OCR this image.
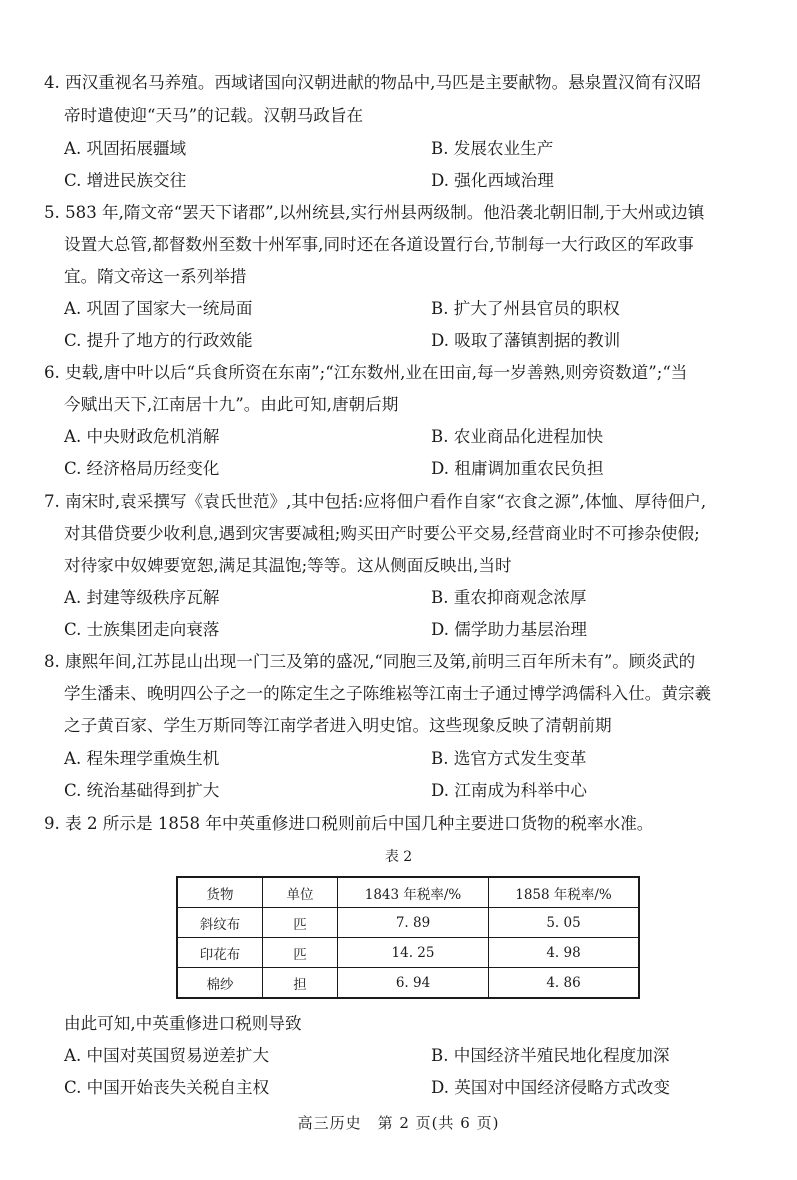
4. 西汉重视名马养殖。西域诸国向汉朝进献的物品中,马匹是主要献物。悬泉置汉简有汉昭
帝时遣使迎“天马”的记载。汉朝马政旨在
A. 巩固拓展疆域	B. 发展农业生产
C. 增进民族交往	D. 强化西域治理
5. 583 年,隋文帝“罢天下诸郡”,以州统县,实行州县两级制。他沿袭北朝旧制,于大州或边镇
设置大总管,都督数州至数十州军事,同时还在各道设置行台,节制每一大行政区的军政事
宜。隋文帝这一系列举措
A. 巩固了国家大一统局面	B. 扩大了州县官员的职权
C. 提升了地方的行政效能	D. 吸取了藩镇割据的教训
6. 史载,唐中叶以后“兵食所资在东南”;“江东数州,业在田亩,每一岁善熟,则旁资数道”;“当
今赋出天下,江南居十九”。由此可知,唐朝后期
A. 中央财政危机消解	B. 农业商品化进程加快
C. 经济格局历经变化	D. 租庸调加重农民负担
7. 南宋时,袁采撰写《袁氏世范》,其中包括:应将佃户看作自家“衣食之源”,体恤、厚待佃户,
对其借贷要少收利息,遇到灾害要减租;购买田产时要公平交易,经营商业时不可掺杂使假;
对待家中奴婢要宽恕,满足其温饱;等等。这从侧面反映出,当时
A. 封建等级秩序瓦解	B. 重农抑商观念浓厚
C. 士族集团走向衰落	D. 儒学助力基层治理
8. 康熙年间,江苏昆山出现一门三及第的盛况,“同胞三及第,前明三百年所未有”。顾炎武的
学生潘耒、晚明四公子之一的陈定生之子陈维崧等江南士子通过博学鸿儒科入仕。黄宗羲
之子黄百家、学生万斯同等江南学者进入明史馆。这些现象反映了清朝前期
A. 程朱理学重焕生机	B. 选官方式发生变革
C. 统治基础得到扩大	D. 江南成为科举中心
9. 表 2 所示是 1858 年中英重修进口税则前后中国几种主要进口货物的税率水准。
表 2
货物	单位	1843 年税率/%	1858 年税率/%
斜纹布	匹	7. 89	5. 05
印花布	匹	14. 25	4. 98
棉纱	担	6. 94	4. 86
由此可知,中英重修进口税则导致
A. 中国对英国贸易逆差扩大	B. 中国经济半殖民地化程度加深
C. 中国开始丧失关税自主权	D. 英国对中国经济侵略方式改变
高三历史　第 2 页(共 6 页)
